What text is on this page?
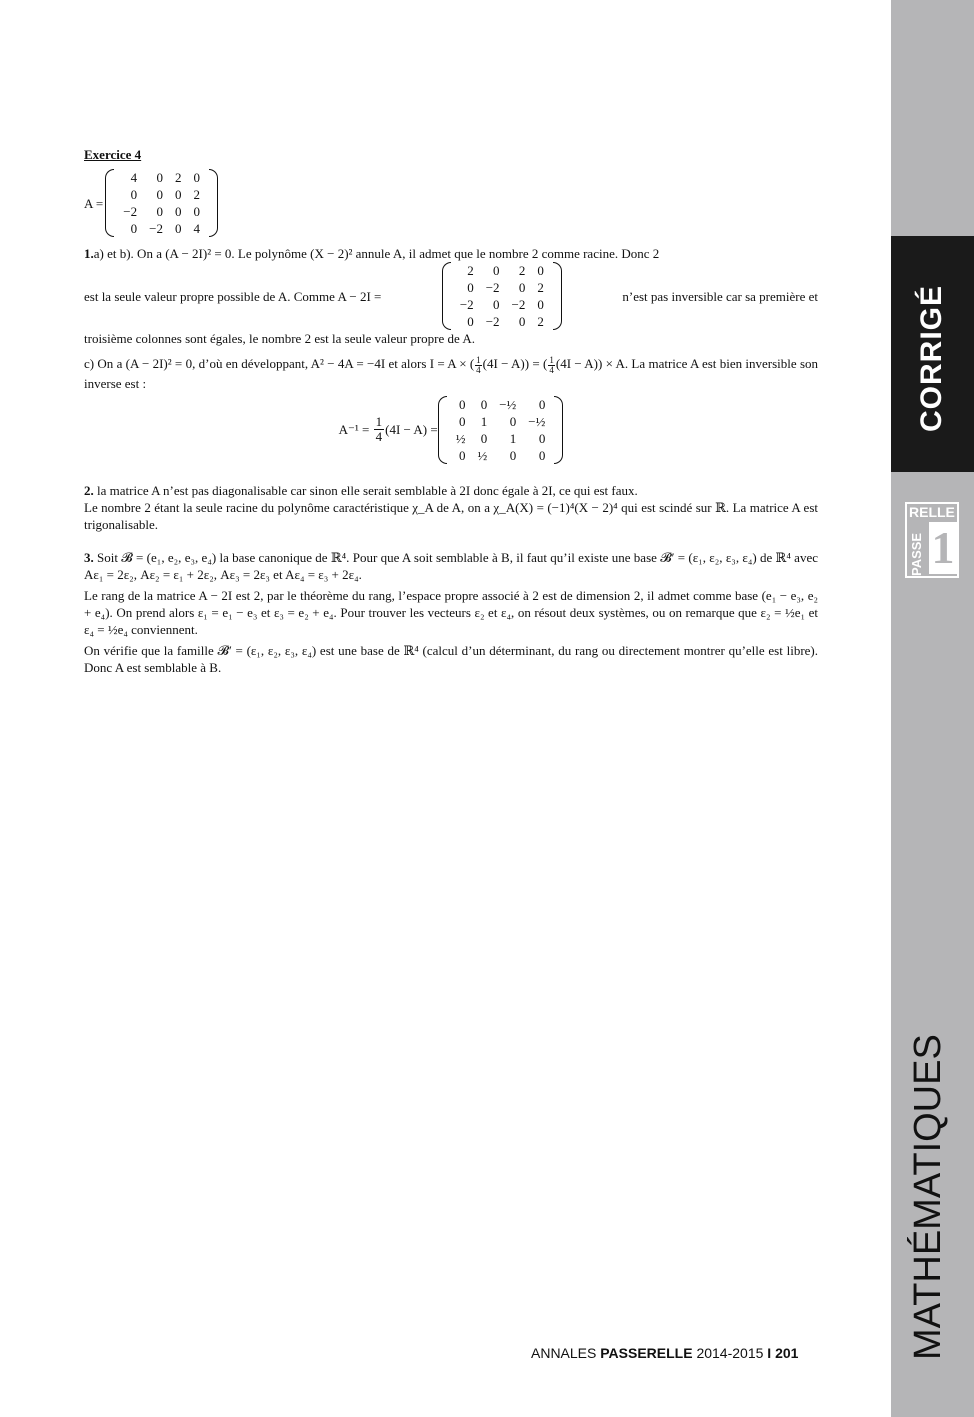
Exercice 4
A =
4	0	2	0
0	0	0	2
−2	0	0	0
0	−2	0	4

1.a) et b). On a (A − 2I)² = 0. Le polynôme (X − 2)² annule A, il admet que le nombre 2 comme racine. Donc 2

est la seule valeur propre possible de A. Comme A − 2I =
2	0	2	0
0	−2	0	2
−2	0	−2	0
0	−2	0	2
n’est pas inversible car sa première et

troisième colonnes sont égales, le nombre 2 est la seule valeur propre de A.

c) On a (A − 2I)² = 0, d’où en développant, A² − 4A = −4I et alors I = A × ( $\frac{1}{4} (4I - A)$) = ( $\frac{1}{4} (4I - A)) \times A$. La matrice A est bien inversible son inverse est :

A⁻¹ =
$\frac{1}{4} (4I - A)$ =
0	0	−½	0
0	1	0	−½
½	0	1	0
0	½	0	0

2. la matrice A n’est pas diagonalisable car sinon elle serait semblable à 2I donc égale à 2I, ce qui est faux.

Le nombre 2 étant la seule racine du polynôme caractéristique χ_A de A, on a χ_A(X) = (−1)⁴(X − 2)⁴ qui est scindé sur ℝ. La matrice A est trigonalisable.

3. Soit 𝓑 = (e₁, e₂, e₃, e₄) la base canonique de ℝ⁴. Pour que A soit semblable à B, il faut qu’il existe une base 𝓑′ = (ε₁, ε₂, ε₃, ε₄) de ℝ⁴ avec Aε₁ = 2ε₂, Aε₂ = ε₁ + 2ε₂, Aε₃ = 2ε₃ et Aε₄ = ε₃ + 2ε₄.

Le rang de la matrice A − 2I est 2, par le théorème du rang, l’espace propre associé à 2 est de dimension 2, il admet comme base (e₁ − e₃, e₂ + e₄). On prend alors ε₁ = e₁ − e₃ et ε₃ = e₂ + e₄. Pour trouver les vecteurs ε₂ et ε₄, on résout deux systèmes, ou on remarque que ε₂ = ½e₁ et ε₄ = ½e₄ conviennent.

On vérifie que la famille 𝓑′ = (ε₁, ε₂, ε₃, ε₄) est une base de ℝ⁴ (calcul d’un déterminant, du rang ou directement montrer qu’elle est libre). Donc A est semblable à B.

ANNALES PASSERELLE 2014-2015 I 201
CORRIGÉ
RELLE
PASSE 1
MATHÉMATIQUES
